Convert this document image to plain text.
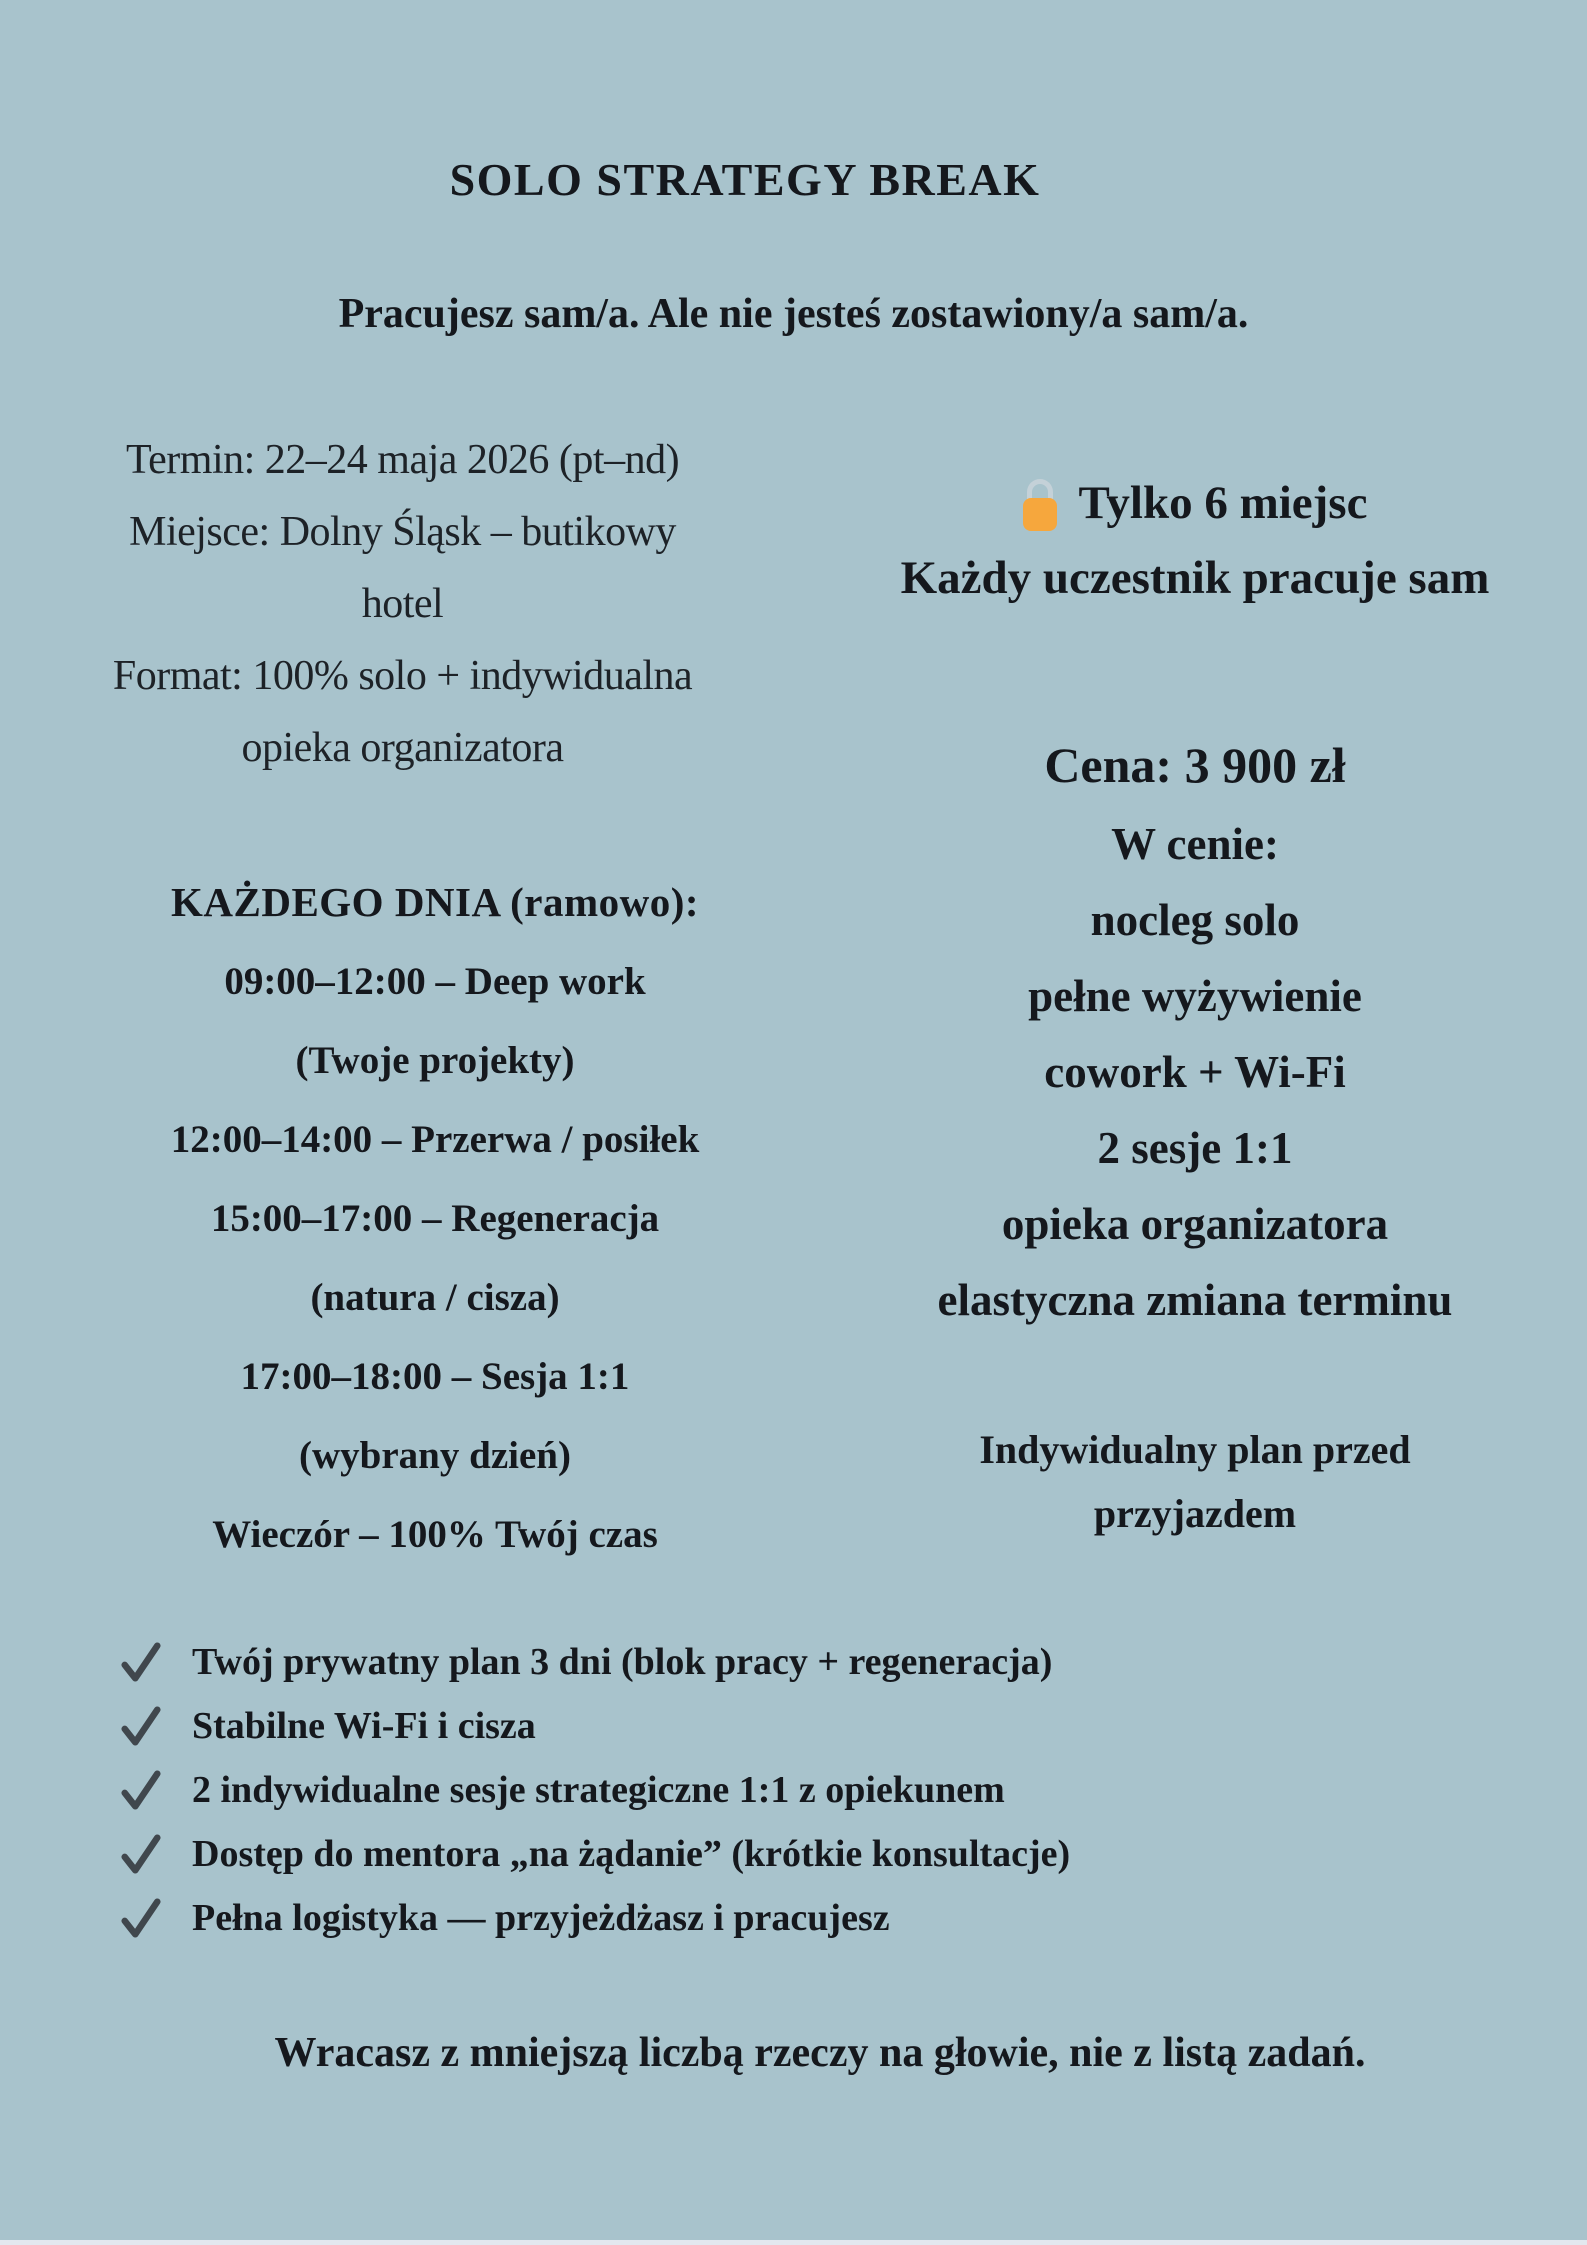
SOLO STRATEGY BREAK

Pracujesz sam/a. Ale nie jesteś zostawiony/a sam/a.

Termin: 22–24 maja 2026 (pt–nd)

Miejsce: Dolny Śląsk – butikowy

hotel

Format: 100% solo + indywidualna

opieka organizatora

Tylko 6 miejsc
Każdy uczestnik pracuje sam
KAŻDEGO DNIA (ramowo):
09:00–12:00 – Deep work
(Twoje projekty)
12:00–14:00 – Przerwa / posiłek
15:00–17:00 – Regeneracja
(natura / cisza)
17:00–18:00 – Sesja 1:1
(wybrany dzień)
Wieczór – 100% Twój czas
Cena: 3 900 zł
W cenie:
nocleg solo
pełne wyżywienie
cowork + Wi-Fi
2 sesje 1:1
opieka organizatora
elastyczna zmiana terminu
Indywidualny plan przed przyjazdem
Twój prywatny plan 3 dni (blok pracy + regeneracja)
Stabilne Wi-Fi i cisza
2 indywidualne sesje strategiczne 1:1 z opiekunem
Dostęp do mentora „na żądanie” (krótkie konsultacje)
Pełna logistyka — przyjeżdżasz i pracujesz

Wracasz z mniejszą liczbą rzeczy na głowie, nie z listą zadań.
